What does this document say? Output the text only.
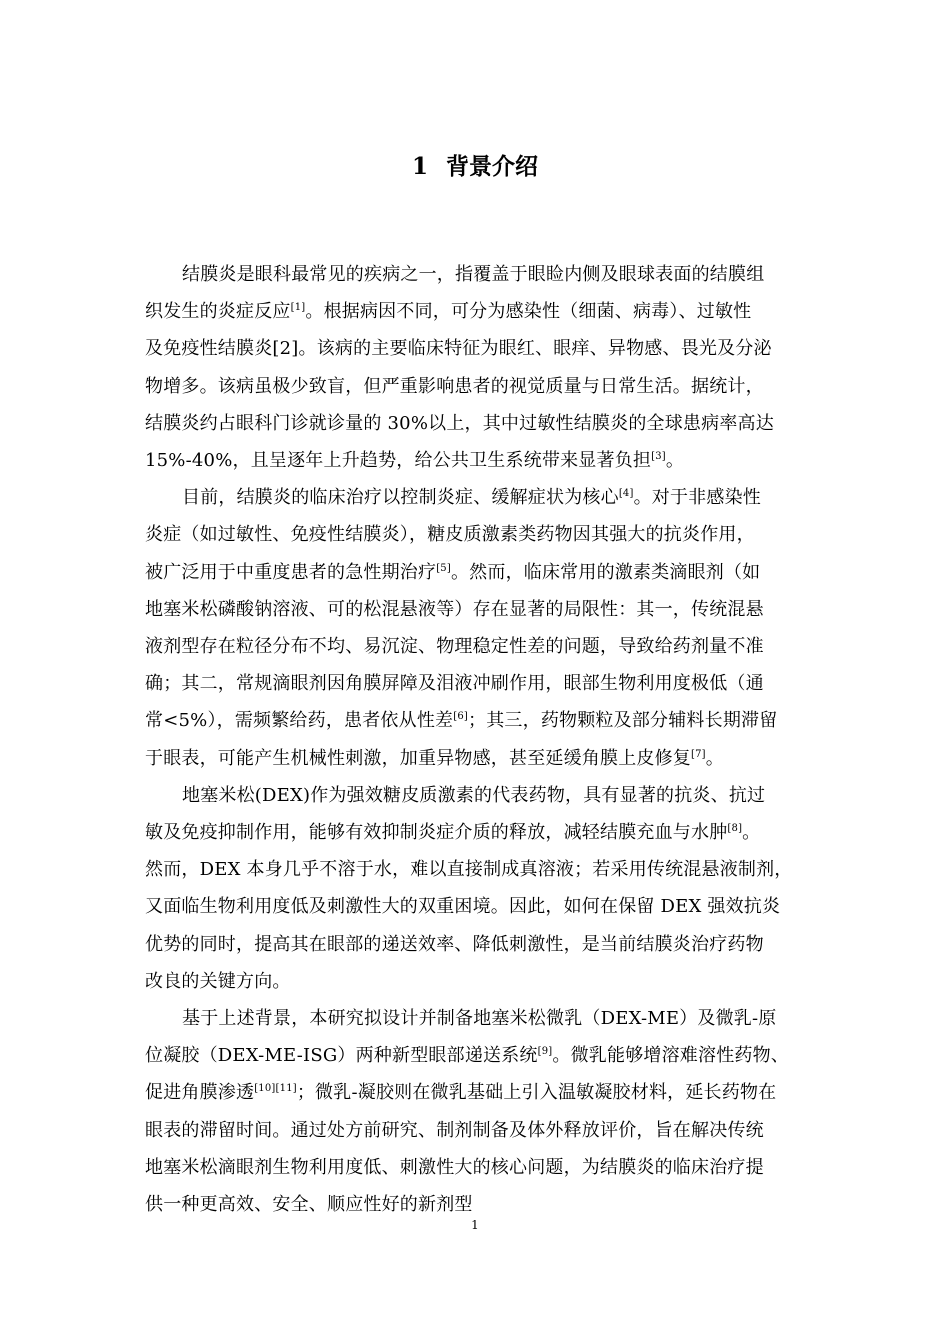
1 背景介绍

结膜炎是眼科最常见的疾病之一，指覆盖于眼睑内侧及眼球表面的结膜组
织发生的炎症反应[1]。根据病因不同，可分为感染性（细菌、病毒）、过敏性
及免疫性结膜炎[2]。该病的主要临床特征为眼红、眼痒、异物感、畏光及分泌
物增多。该病虽极少致盲，但严重影响患者的视觉质量与日常生活。据统计，
结膜炎约占眼科门诊就诊量的 30%以上，其中过敏性结膜炎的全球患病率高达
15%-40%，且呈逐年上升趋势，给公共卫生系统带来显著负担[3]。

目前，结膜炎的临床治疗以控制炎症、缓解症状为核心[4]。对于非感染性
炎症（如过敏性、免疫性结膜炎），糖皮质激素类药物因其强大的抗炎作用，
被广泛用于中重度患者的急性期治疗[5]。然而，临床常用的激素类滴眼剂（如
地塞米松磷酸钠溶液、可的松混悬液等）存在显著的局限性：其一，传统混悬
液剂型存在粒径分布不均、易沉淀、物理稳定性差的问题，导致给药剂量不准
确；其二，常规滴眼剂因角膜屏障及泪液冲刷作用，眼部生物利用度极低（通
常<5%），需频繁给药，患者依从性差[6]；其三，药物颗粒及部分辅料长期滞留
于眼表，可能产生机械性刺激，加重异物感，甚至延缓角膜上皮修复[7]。

地塞米松(DEX)作为强效糖皮质激素的代表药物，具有显著的抗炎、抗过
敏及免疫抑制作用，能够有效抑制炎症介质的释放，减轻结膜充血与水肿[8]。
然而，DEX 本身几乎不溶于水，难以直接制成真溶液；若采用传统混悬液制剂，
又面临生物利用度低及刺激性大的双重困境。因此，如何在保留 DEX 强效抗炎
优势的同时，提高其在眼部的递送效率、降低刺激性，是当前结膜炎治疗药物
改良的关键方向。

基于上述背景，本研究拟设计并制备地塞米松微乳（DEX-ME）及微乳-原
位凝胶（DEX-ME-ISG）两种新型眼部递送系统[9]。微乳能够增溶难溶性药物、
促进角膜渗透[10][11]；微乳-凝胶则在微乳基础上引入温敏凝胶材料，延长药物在
眼表的滞留时间。通过处方前研究、制剂制备及体外释放评价，旨在解决传统
地塞米松滴眼剂生物利用度低、刺激性大的核心问题，为结膜炎的临床治疗提
供一种更高效、安全、顺应性好的新剂型

1
